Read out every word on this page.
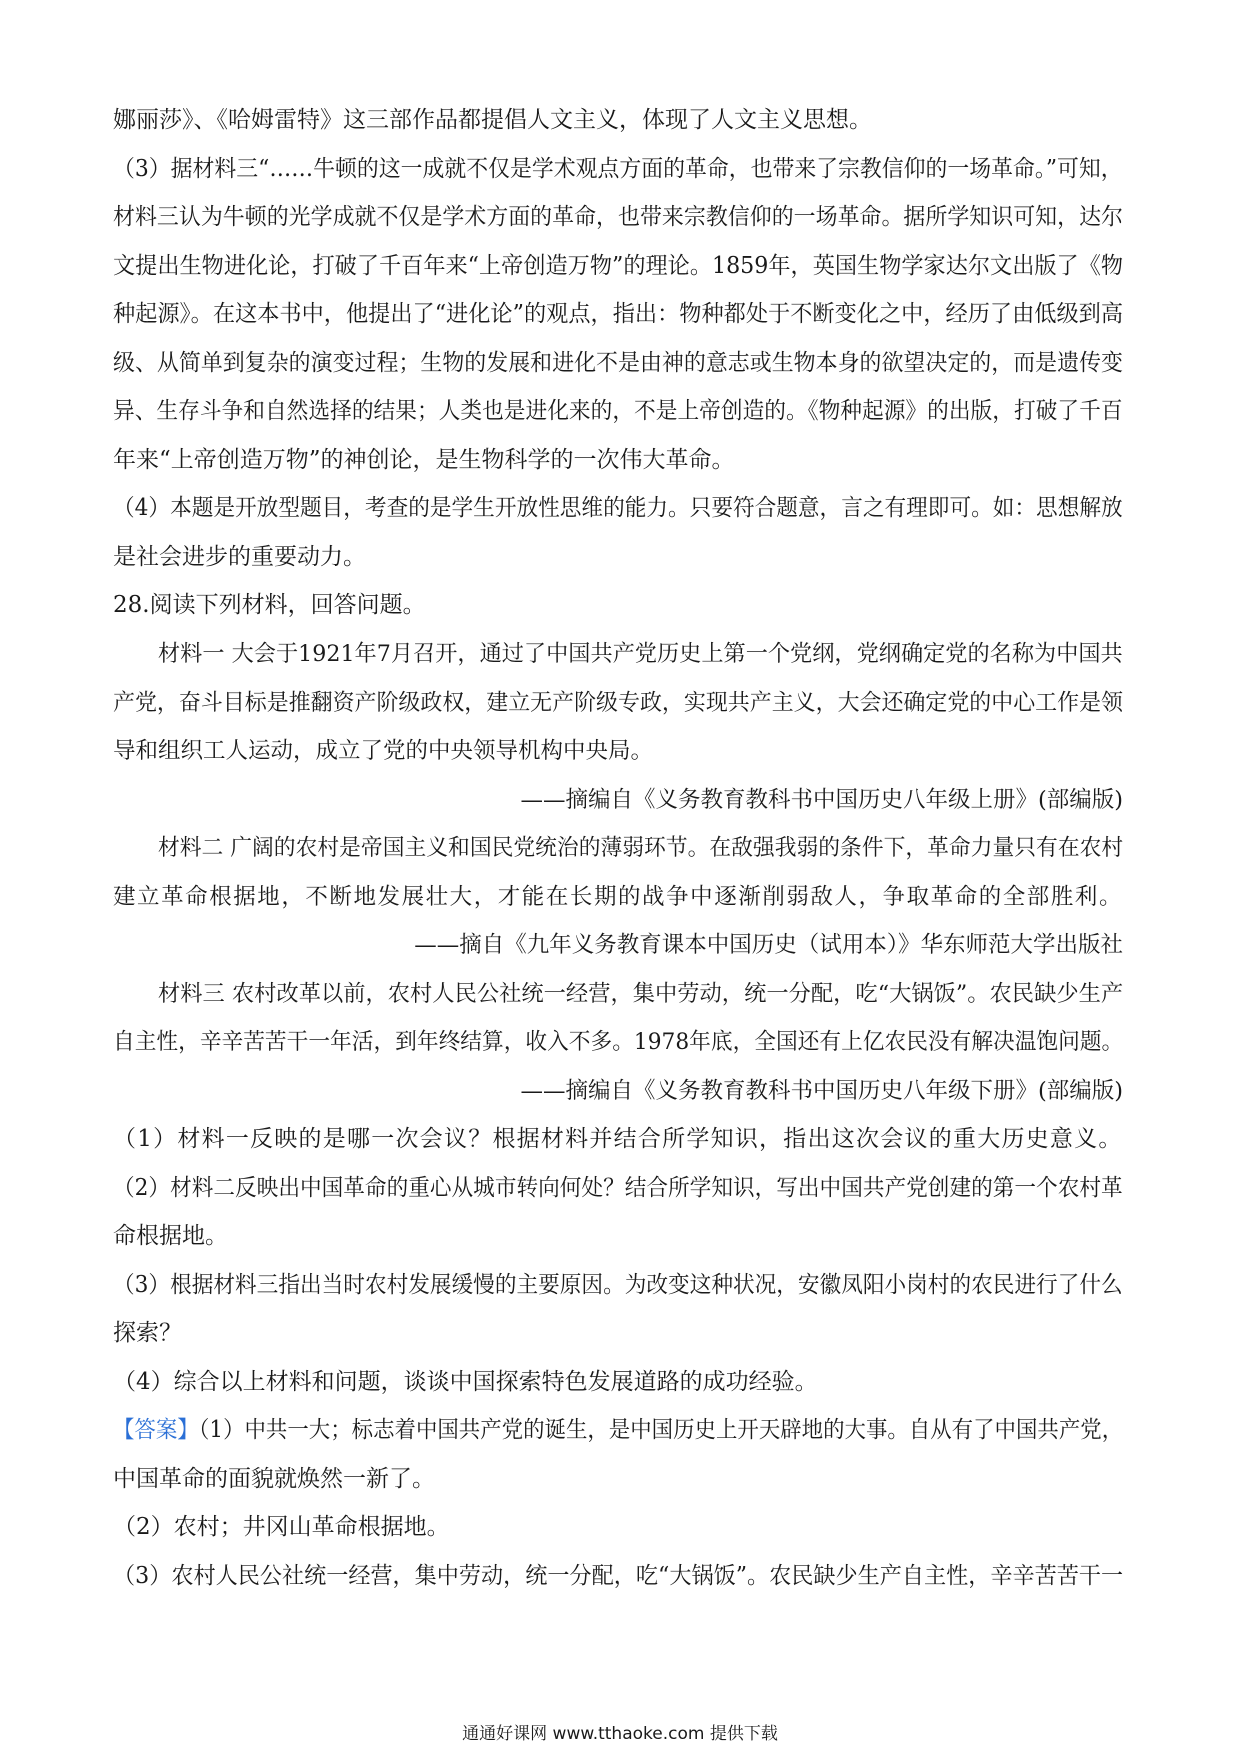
娜丽莎》、《哈姆雷特》这三部作品都提倡人文主义，体现了人文主义思想。
（3）据材料三“……牛顿的这一成就不仅是学术观点方面的革命，也带来了宗教信仰的一场革命。”可知，
材料三认为牛顿的光学成就不仅是学术方面的革命，也带来宗教信仰的一场革命。据所学知识可知，达尔
文提出生物进化论，打破了千百年来“上帝创造万物”的理论。1859年，英国生物学家达尔文出版了《物
种起源》。在这本书中，他提出了“进化论”的观点，指出：物种都处于不断变化之中，经历了由低级到高
级、从简单到复杂的演变过程；生物的发展和进化不是由神的意志或生物本身的欲望决定的，而是遗传变
异、生存斗争和自然选择的结果；人类也是进化来的，不是上帝创造的。《物种起源》的出版，打破了千百
年来“上帝创造万物”的神创论，是生物科学的一次伟大革命。
（4）本题是开放型题目，考查的是学生开放性思维的能力。只要符合题意，言之有理即可。如：思想解放
是社会进步的重要动力。
28.阅读下列材料，回答问题。
材料一 大会于1921年7月召开，通过了中国共产党历史上第一个党纲，党纲确定党的名称为中国共
产党，奋斗目标是推翻资产阶级政权，建立无产阶级专政，实现共产主义，大会还确定党的中心工作是领
导和组织工人运动，成立了党的中央领导机构中央局。
——摘编自《义务教育教科书中国历史八年级上册》(部编版)
材料二 广阔的农村是帝国主义和国民党统治的薄弱环节。在敌强我弱的条件下，革命力量只有在农村
建立革命根据地，不断地发展壮大，才能在长期的战争中逐渐削弱敌人，争取革命的全部胜利。
——摘自《九年义务教育课本中国历史（试用本）》华东师范大学出版社
材料三 农村改革以前，农村人民公社统一经营，集中劳动，统一分配，吃“大锅饭”。农民缺少生产
自主性，辛辛苦苦干一年活，到年终结算，收入不多。1978年底，全国还有上亿农民没有解决温饱问题。
——摘编自《义务教育教科书中国历史八年级下册》(部编版)
（1）材料一反映的是哪一次会议？根据材料并结合所学知识，指出这次会议的重大历史意义。
（2）材料二反映出中国革命的重心从城市转向何处？结合所学知识，写出中国共产党创建的第一个农村革
命根据地。
（3）根据材料三指出当时农村发展缓慢的主要原因。为改变这种状况，安徽凤阳小岗村的农民进行了什么
探索？
（4）综合以上材料和问题，谈谈中国探索特色发展道路的成功经验。
【答案】（1）中共一大；标志着中国共产党的诞生，是中国历史上开天辟地的大事。自从有了中国共产党，
中国革命的面貌就焕然一新了。
（2）农村；井冈山革命根据地。
（3）农村人民公社统一经营，集中劳动，统一分配，吃“大锅饭”。农民缺少生产自主性，辛辛苦苦干一
通通好课网 www.tthaoke.com 提供下载
